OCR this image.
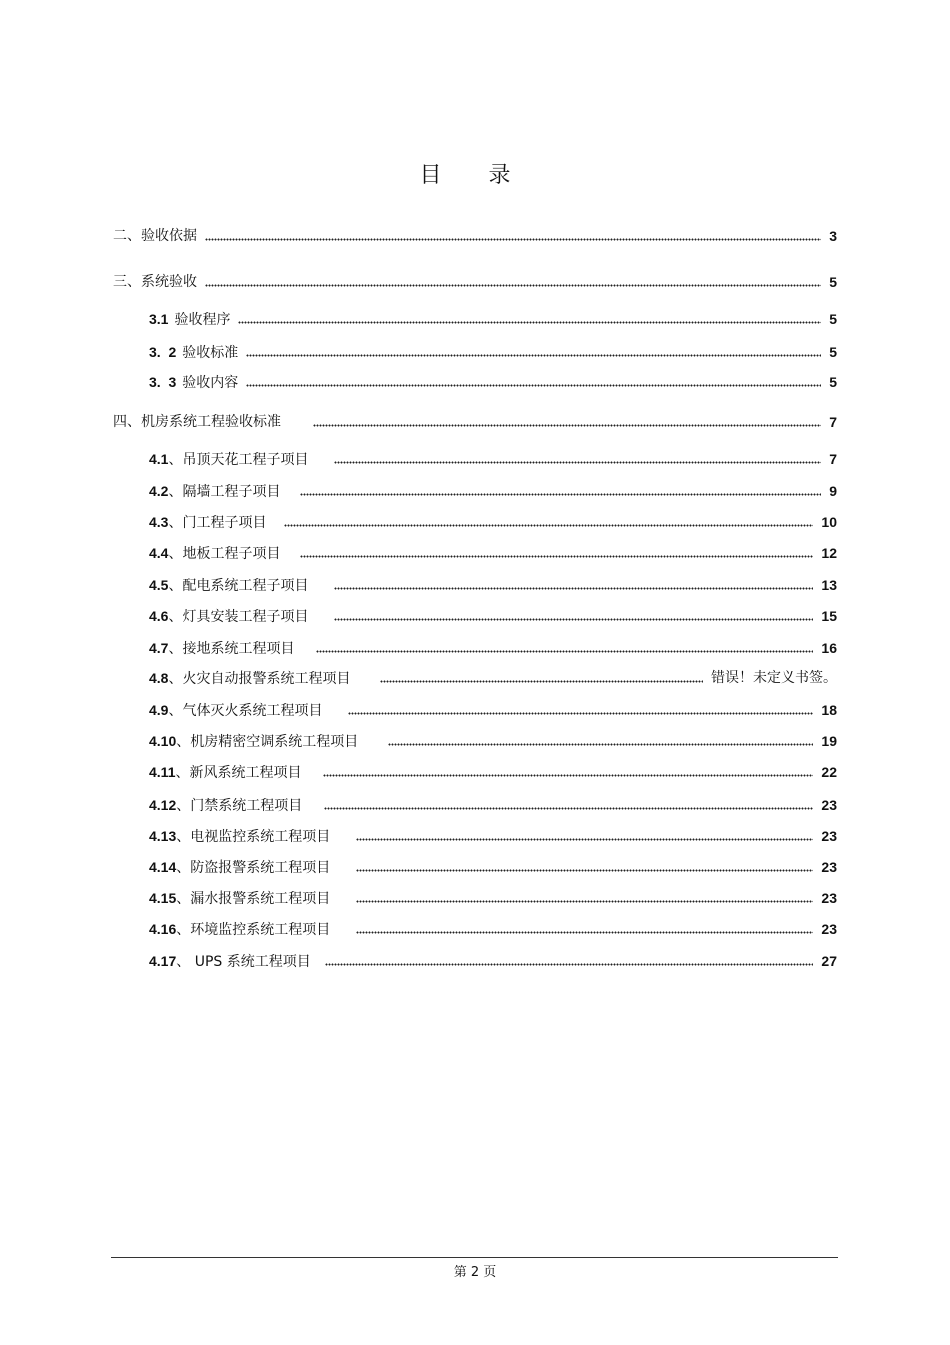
目 录
二、验收依据	3
三、系统验收	5
3.1 验收程序	5
3.  2 验收标准	5
3.  3 验收内容	5
四、机房系统工程验收标准	7
4.1、吊顶天花工程子项目	7
4.2、隔墙工程子项目	9
4.3、门工程子项目	10
4.4、地板工程子项目	12
4.5、配电系统工程子项目	13
4.6、灯具安装工程子项目	15
4.7、接地系统工程项目	16
4.8、火灾自动报警系统工程项目	错误！未定义书签。
4.9、气体灭火系统工程项目	18
4.10、机房精密空调系统工程项目	19
4.11、新风系统工程项目	22
4.12、门禁系统工程项目	23
4.13、电视监控系统工程项目	23
4.14、防盗报警系统工程项目	23
4.15、漏水报警系统工程项目	23
4.16、环境监控系统工程项目	23
4.17、 UPS 系统工程项目	27
第 2 页
